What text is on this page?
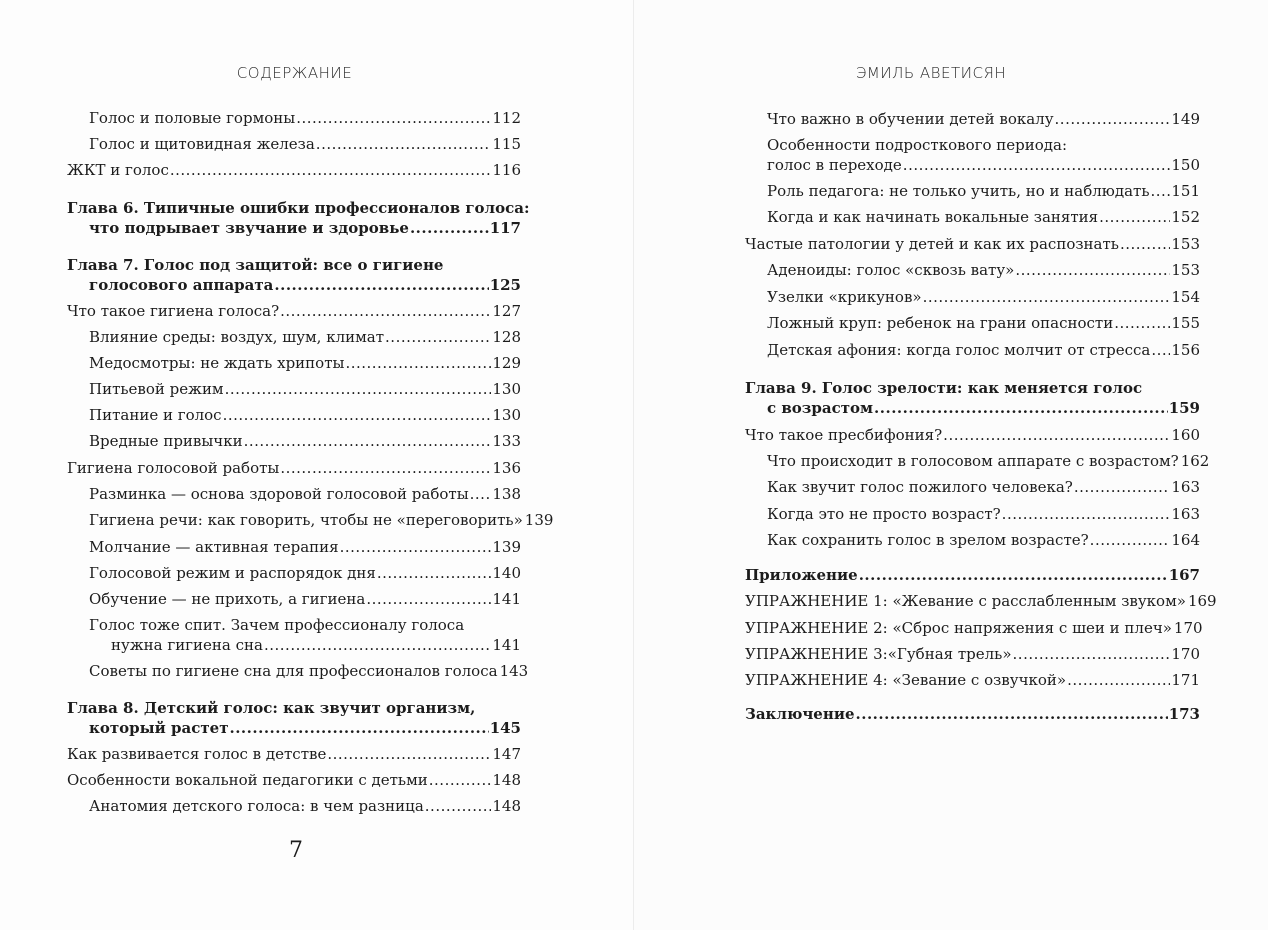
СОДЕРЖАНИЕ
Голос и половые гормоны .....	112
Голос и щитовидная железа .....	115
ЖКТ и голос .....	116
Глава 6. Типичные ошибки профессионалов голоса:
что подрывает звучание и здоровье .....	117
Глава 7. Голос под защитой: все о гигиене
голосового аппарата .....	125
Что такое гигиена голоса? .....	127
Влияние среды: воздух, шум, климат .....	128
Медосмотры: не ждать хрипоты .....	129
Питьевой режим .....	130
Питание и голос .....	130
Вредные привычки .....	133
Гигиена голосовой работы .....	136
Разминка — основа здоровой голосовой работы ..... 138
Гигиена речи: как говорить, чтобы не «переговорить» 139
Молчание — активная терапия .....	139
Голосовой режим и распорядок дня .....	140
Обучение — не прихоть, а гигиена .....	141
Голос тоже спит. Зачем профессионалу голоса
нужна гигиена сна .....	141
Советы по гигиене сна для профессионалов голоса 143
Глава 8. Детский голос: как звучит организм,
который растет .....	145
Как развивается голос в детстве .....	147
Особенности вокальной педагогики с детьми .....	148
Анатомия детского голоса: в чем разница .....	148
7
ЭМИЛЬ АВЕТИСЯН
Что важно в обучении детей вокалу .....	149
Особенности подросткового периода:
голос в переходе .....	150
Роль педагога: не только учить, но и наблюдать ..... 151
Когда и как начинать вокальные занятия .....	152
Частые патологии у детей и как их распознать .....	153
Аденоиды: голос «сквозь вату» .....	153
Узелки «крикунов» .....	154
Ложный круп: ребенок на грани опасности .....	155
Детская афония: когда голос молчит от стресса ..... 156
Глава 9. Голос зрелости: как меняется голос
с возрастом .....	159
Что такое пресбифония? .....	160
Что происходит в голосовом аппарате с возрастом? 162
Как звучит голос пожилого человека? .....	163
Когда это не просто возраст? .....	163
Как сохранить голос в зрелом возрасте? .....	164
Приложение .....	167
УПРАЖНЕНИЕ 1: «Жевание с расслабленным звуком» 169
УПРАЖНЕНИЕ 2: «Сброс напряжения с шеи и плеч» 170
УПРАЖНЕНИЕ 3:«Губная трель» .....	170
УПРАЖНЕНИЕ 4: «Зевание с озвучкой» .....	171
Заключение .....	173
